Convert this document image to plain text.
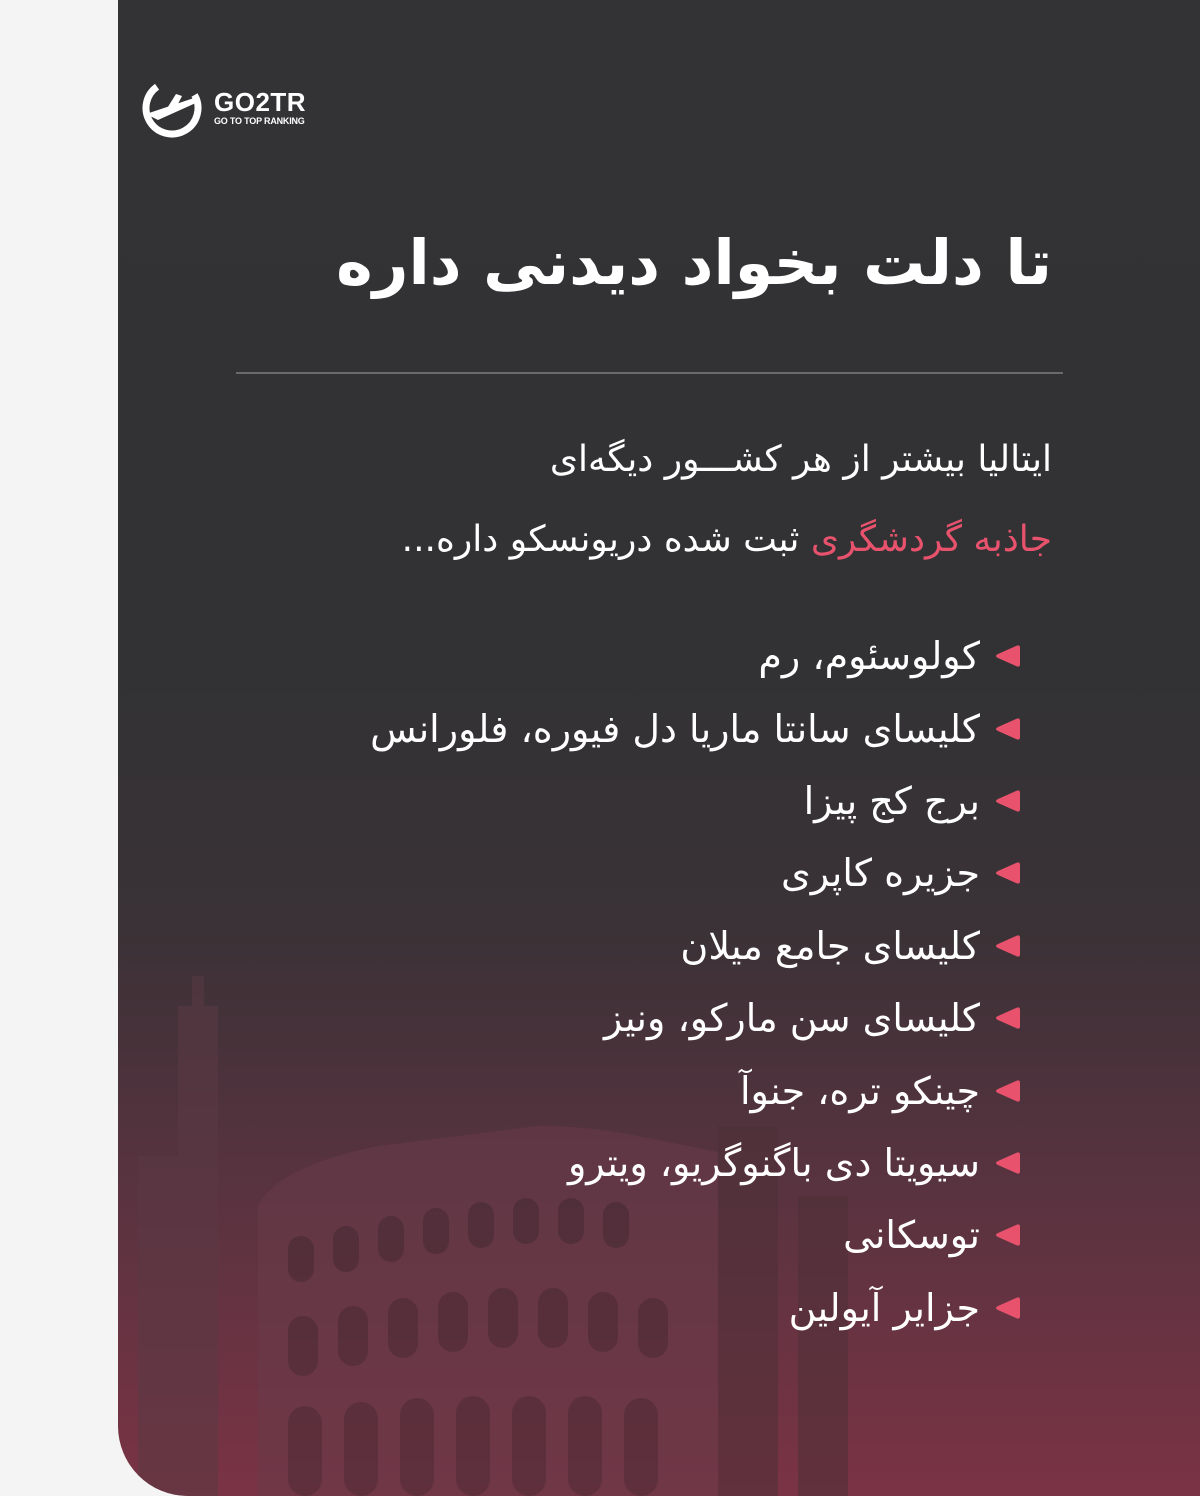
GO2TR
GO TO TOP RANKING
تا دلت بخواد دیدنی داره
ایتالیا بیشتر از هر کشـــور دیگه‌ای
جاذبه گردشگری ثبت شده دریونسکو داره...
کولوسئوم، رم
کلیسای سانتا ماریا دل فیوره، فلورانس
برج کج پیزا
جزیره کاپری
کلیسای جامع میلان
کلیسای سن مارکو، ونیز
چینکو تره، جنوآ
سیویتا دی باگنوگریو، ویترو
توسکانی
جزایر آیولین
